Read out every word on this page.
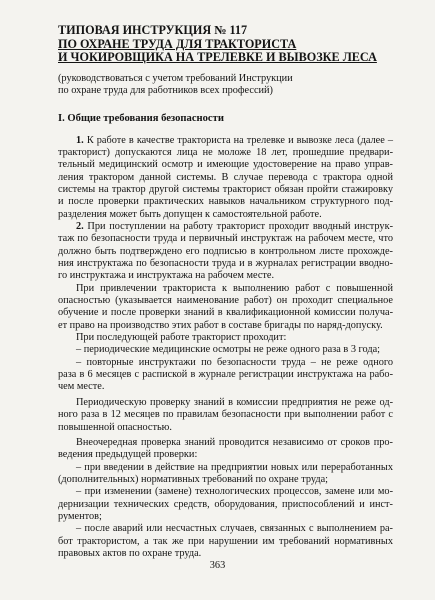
ТИПОВАЯ ИНСТРУКЦИЯ № 117
ПО ОХРАНЕ ТРУДА ДЛЯ ТРАКТОРИСТА
И ЧОКИРОВЩИКА НА ТРЕЛЕВКЕ И ВЫВОЗКЕ ЛЕСА
(руководствоваться с учетом требований Инструкции
по охране труда для работников всех профессий)
I. Общие требования безопасности
1. К работе в качестве тракториста на трелевке и вывозке леса (далее –
тракторист) допускаются лица не моложе 18 лет, прошедшие предвари-
тельный медицинский осмотр и имеющие удостоверение на право управ-
ления трактором данной системы. В случае перевода с трактора одной
системы на трактор другой системы тракторист обязан пройти стажировку
и после проверки практических навыков начальником структурного под-
разделения может быть допущен к самостоятельной работе.
2. При поступлении на работу тракторист проходит вводный инструк-
таж по безопасности труда и первичный инструктаж на рабочем месте, что
должно быть подтверждено его подписью в контрольном листе прохожде-
ния инструктажа по безопасности труда и в журналах регистрации вводно-
го инструктажа и инструктажа на рабочем месте.
При привлечении тракториста к выполнению работ с повышенной
опасностью (указывается наименование работ) он проходит специальное
обучение и после проверки знаний в квалификационной комиссии получа-
ет право на производство этих работ в составе бригады по наряд-допуску.
При последующей работе тракторист проходит:
– периодические медицинские осмотры не реже одного раза в 3 года;
– повторные инструктажи по безопасности труда – не реже одного
раза в 6 месяцев с распиской в журнале регистрации инструктажа на рабо-
чем месте.
Периодическую проверку знаний в комиссии предприятия не реже од-
ного раза в 12 месяцев по правилам безопасности при выполнении работ с
повышенной опасностью.
Внеочередная проверка знаний проводится независимо от сроков про-
ведения предыдущей проверки:
– при введении в действие на предприятии новых или переработанных
(дополнительных) нормативных требований по охране труда;
– при изменении (замене) технологических процессов, замене или мо-
дернизации технических средств, оборудования, приспособлений и инст-
рументов;
– после аварий или несчастных случаев, связанных с выполнением ра-
бот трактористом, а так же при нарушении им требований нормативных
правовых актов по охране труда.
363
